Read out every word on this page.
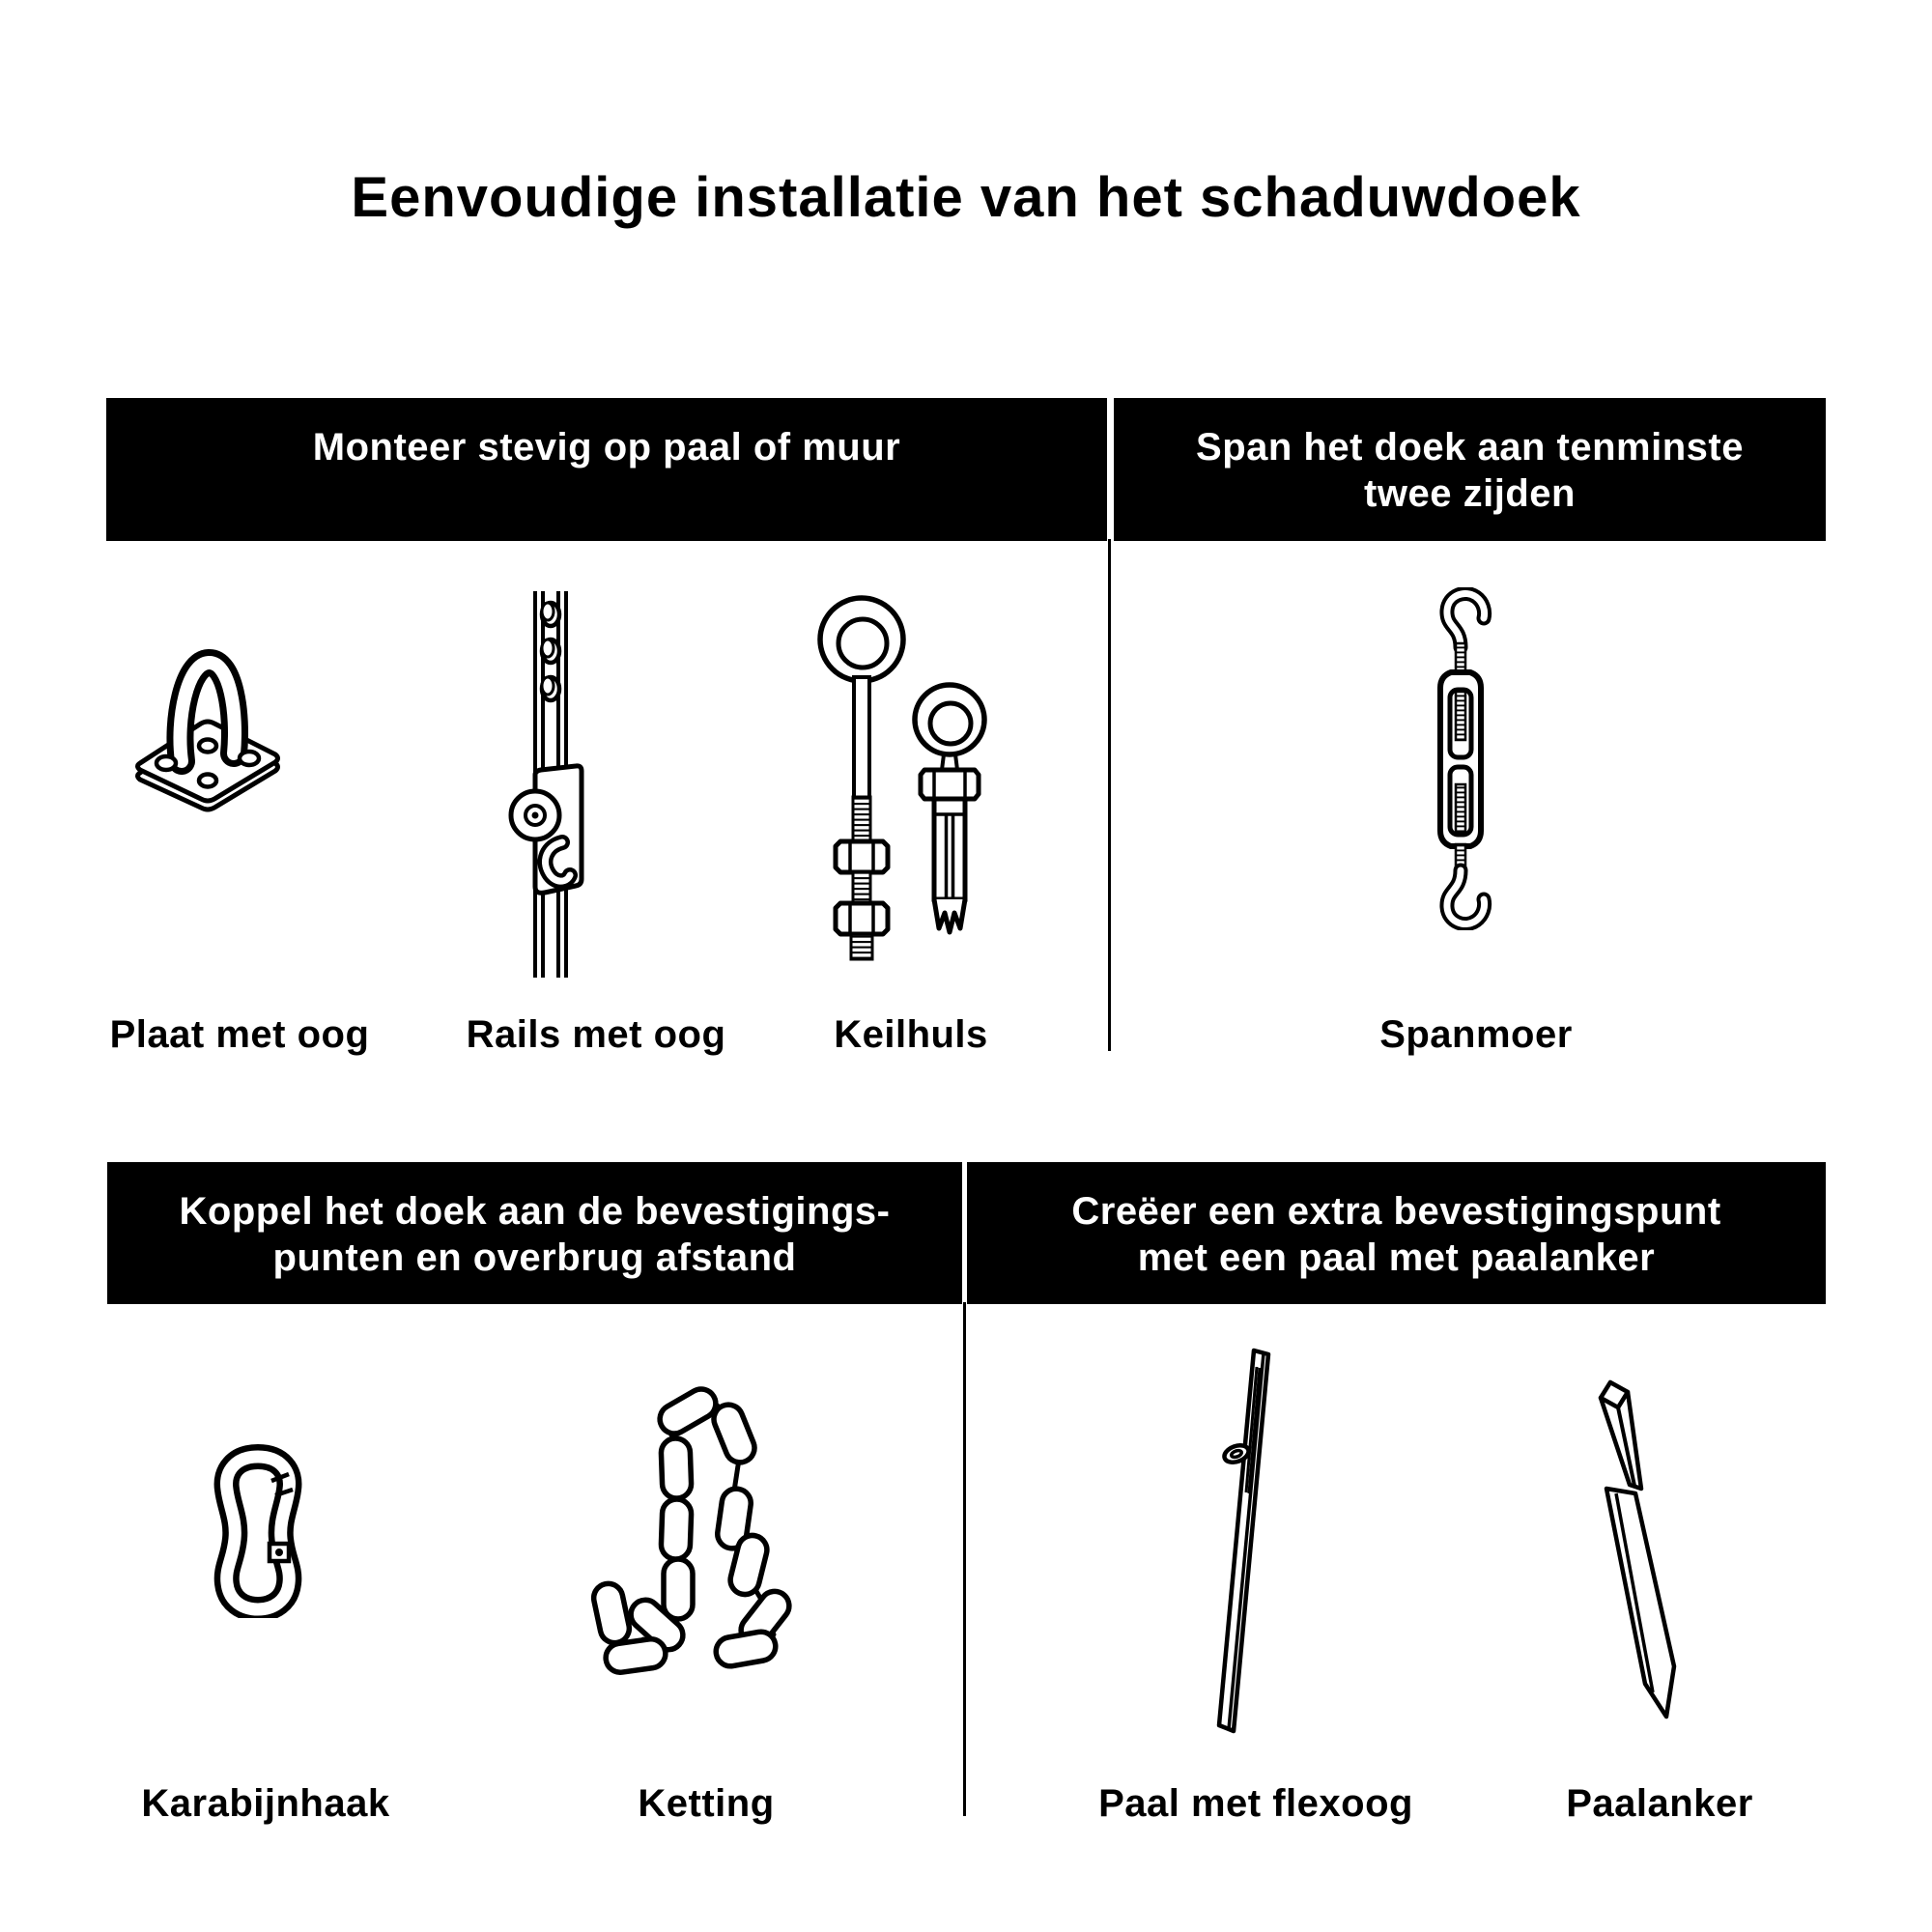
Eenvoudige installatie van het schaduwdoek
Monteer stevig op paal of muur	Span het doek aan tenminste
twee zijden
Koppel het doek aan de bevestigings-
punten en overbrug afstand
Creëer een extra bevestigingspunt
met een paal met paalanker
Plaat met oog	Rails met oog	Keilhuls	Spanmoer
Karabijnhaak	Ketting	Paal met flexoog	Paalanker
